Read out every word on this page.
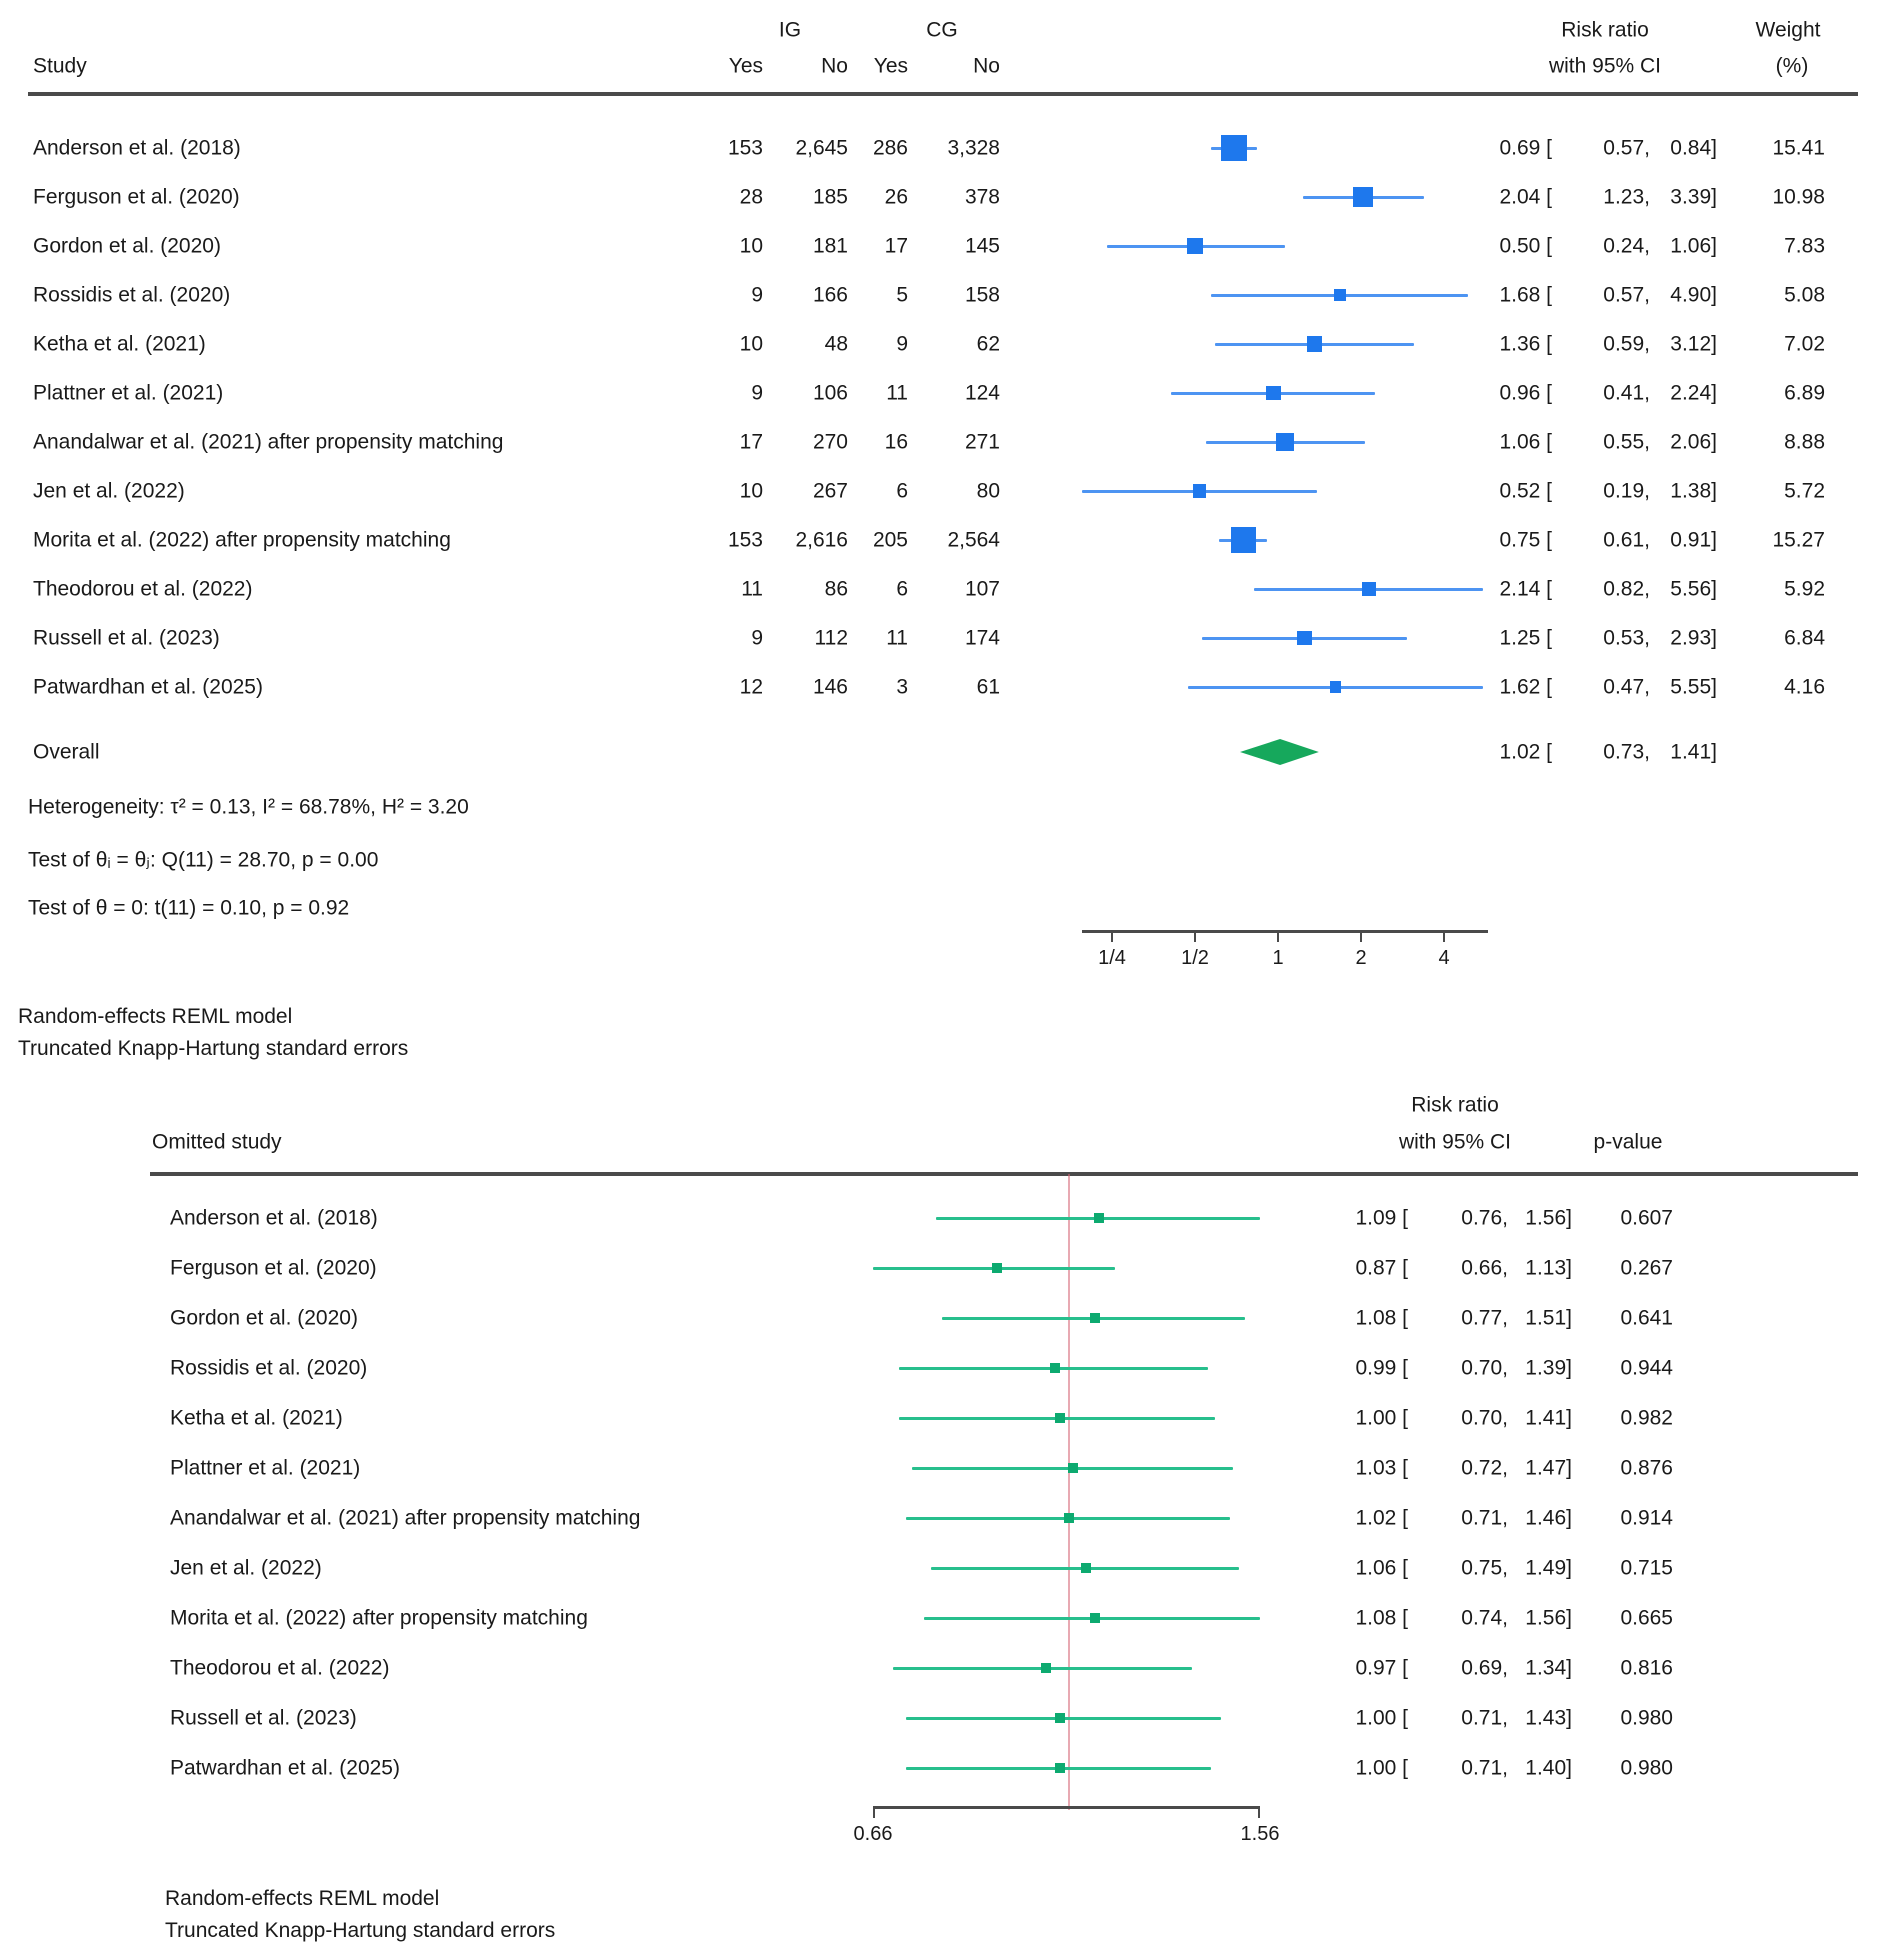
IG	CG	Risk ratio	Weight
Study	Yes	No Yes	No	with 95% CI	(%)
Anderson et al. (2018)	153 2,645 286 3,328	0.69 [ 0.57, 0.84]	15.41
Ferguson et al. (2020)	28 185 26	378	2.04 [ 1.23, 3.39]	10.98
Gordon et al. (2020)	10 181 17	145	0.50 [ 0.24, 1.06]	7.83
Rossidis et al. (2020)	9 166 5	158	1.68 [ 0.57, 4.90]	5.08
Ketha et al. (2021)	10	48 9	62	1.36 [ 0.59, 3.12]	7.02
Plattner et al. (2021)	9 106 11	124	0.96 [ 0.41, 2.24]	6.89
Anandalwar et al. (2021) after propensity matching	17 270 16	271	1.06 [ 0.55, 2.06]	8.88
Jen et al. (2022)	10 267 6	80	0.52 [ 0.19, 1.38]	5.72
Morita et al. (2022) after propensity matching	153 2,616 205 2,564	0.75 [ 0.61, 0.91]	15.27
Theodorou et al. (2022)	11	86 6	107	2.14 [ 0.82, 5.56]	5.92
Russell et al. (2023)	9 112 11	174	1.25 [ 0.53, 2.93]	6.84
Patwardhan et al. (2025)	12 146 3	61	1.62 [ 0.47, 5.55]	4.16
Overall	1.02 [ 0.73, 1.41]
Heterogeneity: τ² = 0.13, I² = 68.78%, H² = 3.20
Test of θᵢ = θⱼ: Q(11) = 28.70, p = 0.00
Test of θ = 0: t(11) = 0.10, p = 0.92
1/4	1/2	1	2	4
Random-effects REML model
Truncated Knapp-Hartung standard errors
Risk ratio
Omitted study	with 95% CI	p-value
Anderson et al. (2018)	1.09 [	0.76, 1.56] 0.607
Ferguson et al. (2020)	0.87 [	0.66, 1.13] 0.267
Gordon et al. (2020)	1.08 [	0.77, 1.51] 0.641
Rossidis et al. (2020)	0.99 [	0.70, 1.39] 0.944
Ketha et al. (2021)	1.00 [	0.70, 1.41] 0.982
Plattner et al. (2021)	1.03 [	0.72, 1.47] 0.876
Anandalwar et al. (2021) after propensity matching	1.02 [	0.71, 1.46] 0.914
Jen et al. (2022)	1.06 [	0.75, 1.49] 0.715
Morita et al. (2022) after propensity matching	1.08 [	0.74, 1.56] 0.665
Theodorou et al. (2022)	0.97 [	0.69, 1.34] 0.816
Russell et al. (2023)	1.00 [	0.71, 1.43] 0.980
Patwardhan et al. (2025)	1.00 [	0.71, 1.40] 0.980
0.66	1.56
Random-effects REML model
Truncated Knapp-Hartung standard errors
